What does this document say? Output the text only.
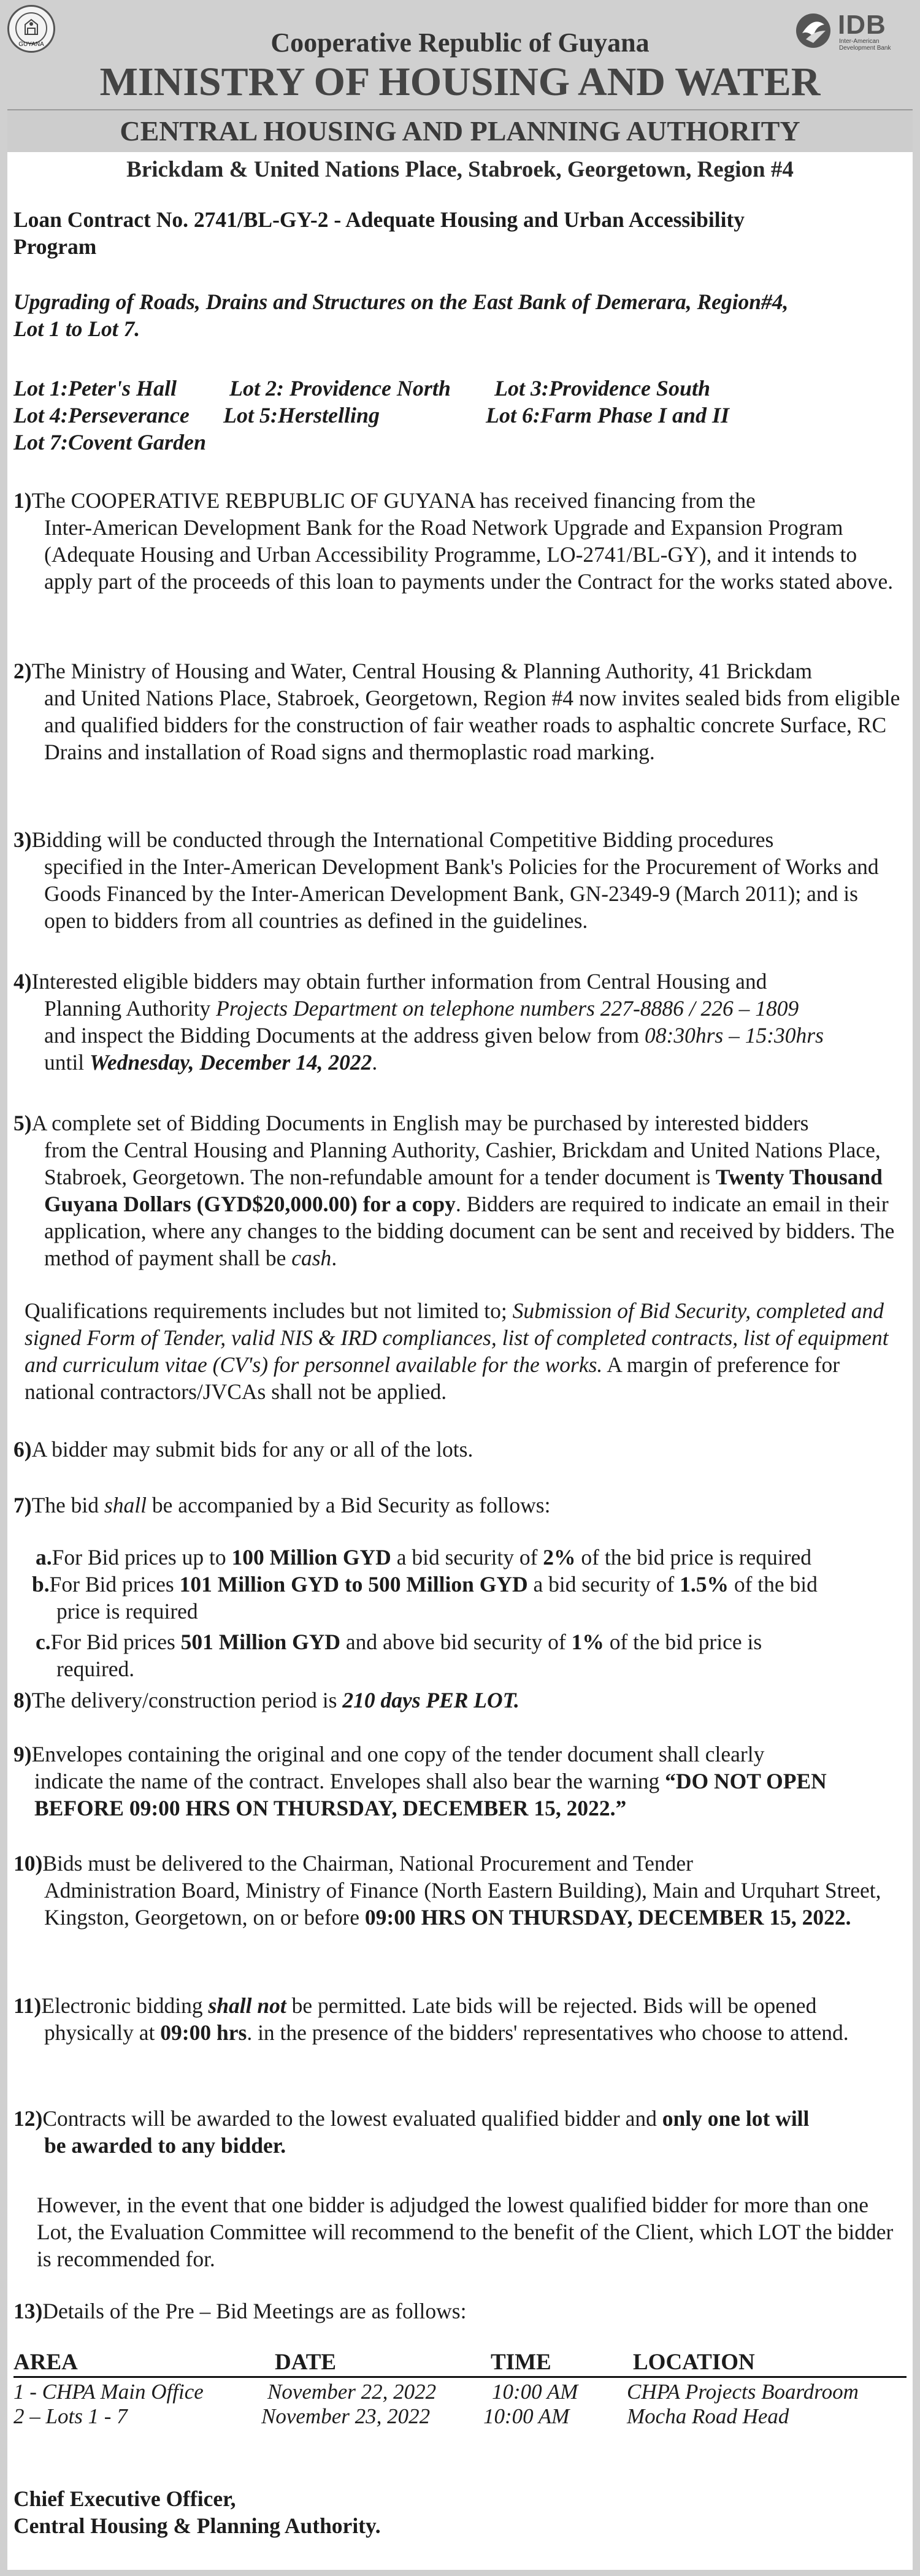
GUYANA
IDB
Inter-American Development Bank
Cooperative Republic of Guyana
MINISTRY OF HOUSING AND WATER
CENTRAL HOUSING AND PLANNING AUTHORITY
Brickdam & United Nations Place, Stabroek, Georgetown, Region #4
Loan Contract No. 2741/BL-GY-2 - Adequate Housing and Urban Accessibility
Program
Upgrading of Roads, Drains and Structures on the East Bank of Demerara, Region#4,
Lot 1 to Lot 7.
Lot 1:Peter's Hall Lot 2: Providence North Lot 3:Providence South
Lot 4:Perseverance Lot 5:Herstelling	Lot 6:Farm Phase I and II
Lot 7:Covent Garden
1)The COOPERATIVE REBPUBLIC OF GUYANA has received financing from the
Inter-American Development Bank for the Road Network Upgrade and Expansion Program (Adequate Housing and Urban Accessibility Programme, LO-2741/BL-GY), and it intends to apply part of the proceeds of this loan to payments under the Contract for the works stated above.
2)The Ministry of Housing and Water, Central Housing & Planning Authority, 41 Brickdam
and United Nations Place, Stabroek, Georgetown, Region #4 now invites sealed bids from eligible and qualified bidders for the construction of fair weather roads to asphaltic concrete Surface, RC Drains and installation of Road signs and thermoplastic road marking.
3)Bidding will be conducted through the International Competitive Bidding procedures
specified in the Inter-American Development Bank's Policies for the Procurement of Works and Goods Financed by the Inter-American Development Bank, GN-2349-9 (March 2011); and is open to bidders from all countries as defined in the guidelines.
4)Interested eligible bidders may obtain further information from Central Housing and
Planning Authority Projects Department on telephone numbers 227-8886 / 226 – 1809
and inspect the Bidding Documents at the address given below from 08:30hrs – 15:30hrs
until Wednesday, December 14, 2022.
5)A complete set of Bidding Documents in English may be purchased by interested bidders
from the Central Housing and Planning Authority, Cashier, Brickdam and United Nations Place, Stabroek, Georgetown. The non-refundable amount for a tender document is Twenty Thousand Guyana Dollars (GYD$20,000.00) for a copy. Bidders are required to indicate an email in their application, where any changes to the bidding document can be sent and received by bidders. The method of payment shall be cash.
Qualifications requirements includes but not limited to; Submission of Bid Security, completed and signed Form of Tender, valid NIS & IRD compliances, list of completed contracts, list of equipment and curriculum vitae (CV's) for personnel available for the works. A margin of preference for national contractors/JVCAs shall not be applied.
6)A bidder may submit bids for any or all of the lots.
7)The bid shall be accompanied by a Bid Security as follows:
a.For Bid prices up to 100 Million GYD a bid security of 2% of the bid price is required
b.For Bid prices 101 Million GYD to 500 Million GYD a bid security of 1.5% of the bid
price is required
c.For Bid prices 501 Million GYD and above bid security of 1% of the bid price is
required.
8)The delivery/construction period is 210 days PER LOT.
9)Envelopes containing the original and one copy of the tender document shall clearly
indicate the name of the contract. Envelopes shall also bear the warning “DO NOT OPEN BEFORE 09:00 HRS ON THURSDAY, DECEMBER 15, 2022.”
10)Bids must be delivered to the Chairman, National Procurement and Tender
Administration Board, Ministry of Finance (North Eastern Building), Main and Urquhart Street, Kingston, Georgetown, on or before 09:00 HRS ON THURSDAY, DECEMBER 15, 2022.
11)Electronic bidding shall not be permitted. Late bids will be rejected. Bids will be opened
physically at 09:00 hrs. in the presence of the bidders' representatives who choose to attend.
12)Contracts will be awarded to the lowest evaluated qualified bidder and only one lot will
be awarded to any bidder.
However, in the event that one bidder is adjudged the lowest qualified bidder for more than one Lot, the Evaluation Committee will recommend to the benefit of the Client, which LOT the bidder is recommended for.
13)Details of the Pre – Bid Meetings are as follows:
AREA	DATE	TIME	LOCATION
1 - CHPA Main Office	November 22, 2022	10:00 AM CHPA Projects Boardroom
2 – Lots 1 - 7	November 23, 2022 10:00 AM	Mocha Road Head
Chief Executive Officer,
Central Housing & Planning Authority.
